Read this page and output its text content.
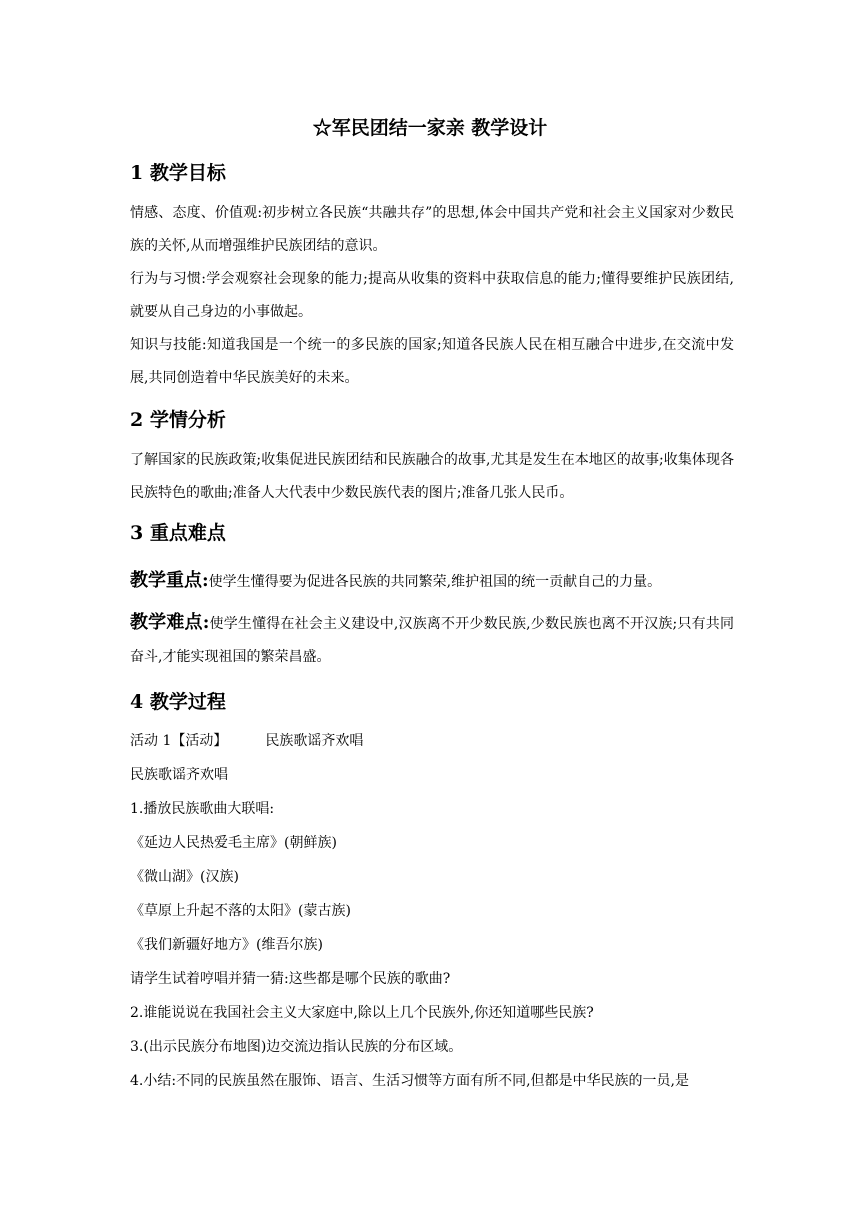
☆军民团结一家亲 教学设计
1 教学目标
情感、态度、价值观:初步树立各民族“共融共存”的思想,体会中国共产党和社会主义国家对少数民族的关怀,从而增强维护民族团结的意识。
行为与习惯:学会观察社会现象的能力;提高从收集的资料中获取信息的能力;懂得要维护民族团结,就要从自己身边的小事做起。
知识与技能:知道我国是一个统一的多民族的国家;知道各民族人民在相互融合中进步,在交流中发展,共同创造着中华民族美好的未来。
2 学情分析
了解国家的民族政策;收集促进民族团结和民族融合的故事,尤其是发生在本地区的故事;收集体现各民族特色的歌曲;准备人大代表中少数民族代表的图片;准备几张人民币。
3 重点难点
教学重点:使学生懂得要为促进各民族的共同繁荣,维护祖国的统一贡献自己的力量。
教学难点:使学生懂得在社会主义建设中,汉族离不开少数民族,少数民族也离不开汉族;只有共同奋斗,才能实现祖国的繁荣昌盛。
4 教学过程
活动 1【活动】	民族歌谣齐欢唱
民族歌谣齐欢唱
1.播放民族歌曲大联唱:
《延边人民热爱毛主席》(朝鲜族)
《微山湖》(汉族)
《草原上升起不落的太阳》(蒙古族)
《我们新疆好地方》(维吾尔族)
请学生试着哼唱并猜一猜:这些都是哪个民族的歌曲?
2.谁能说说在我国社会主义大家庭中,除以上几个民族外,你还知道哪些民族?
3.(出示民族分布地图)边交流边指认民族的分布区域。
4.小结:不同的民族虽然在服饰、语言、生活习惯等方面有所不同,但都是中华民族的一员,是
